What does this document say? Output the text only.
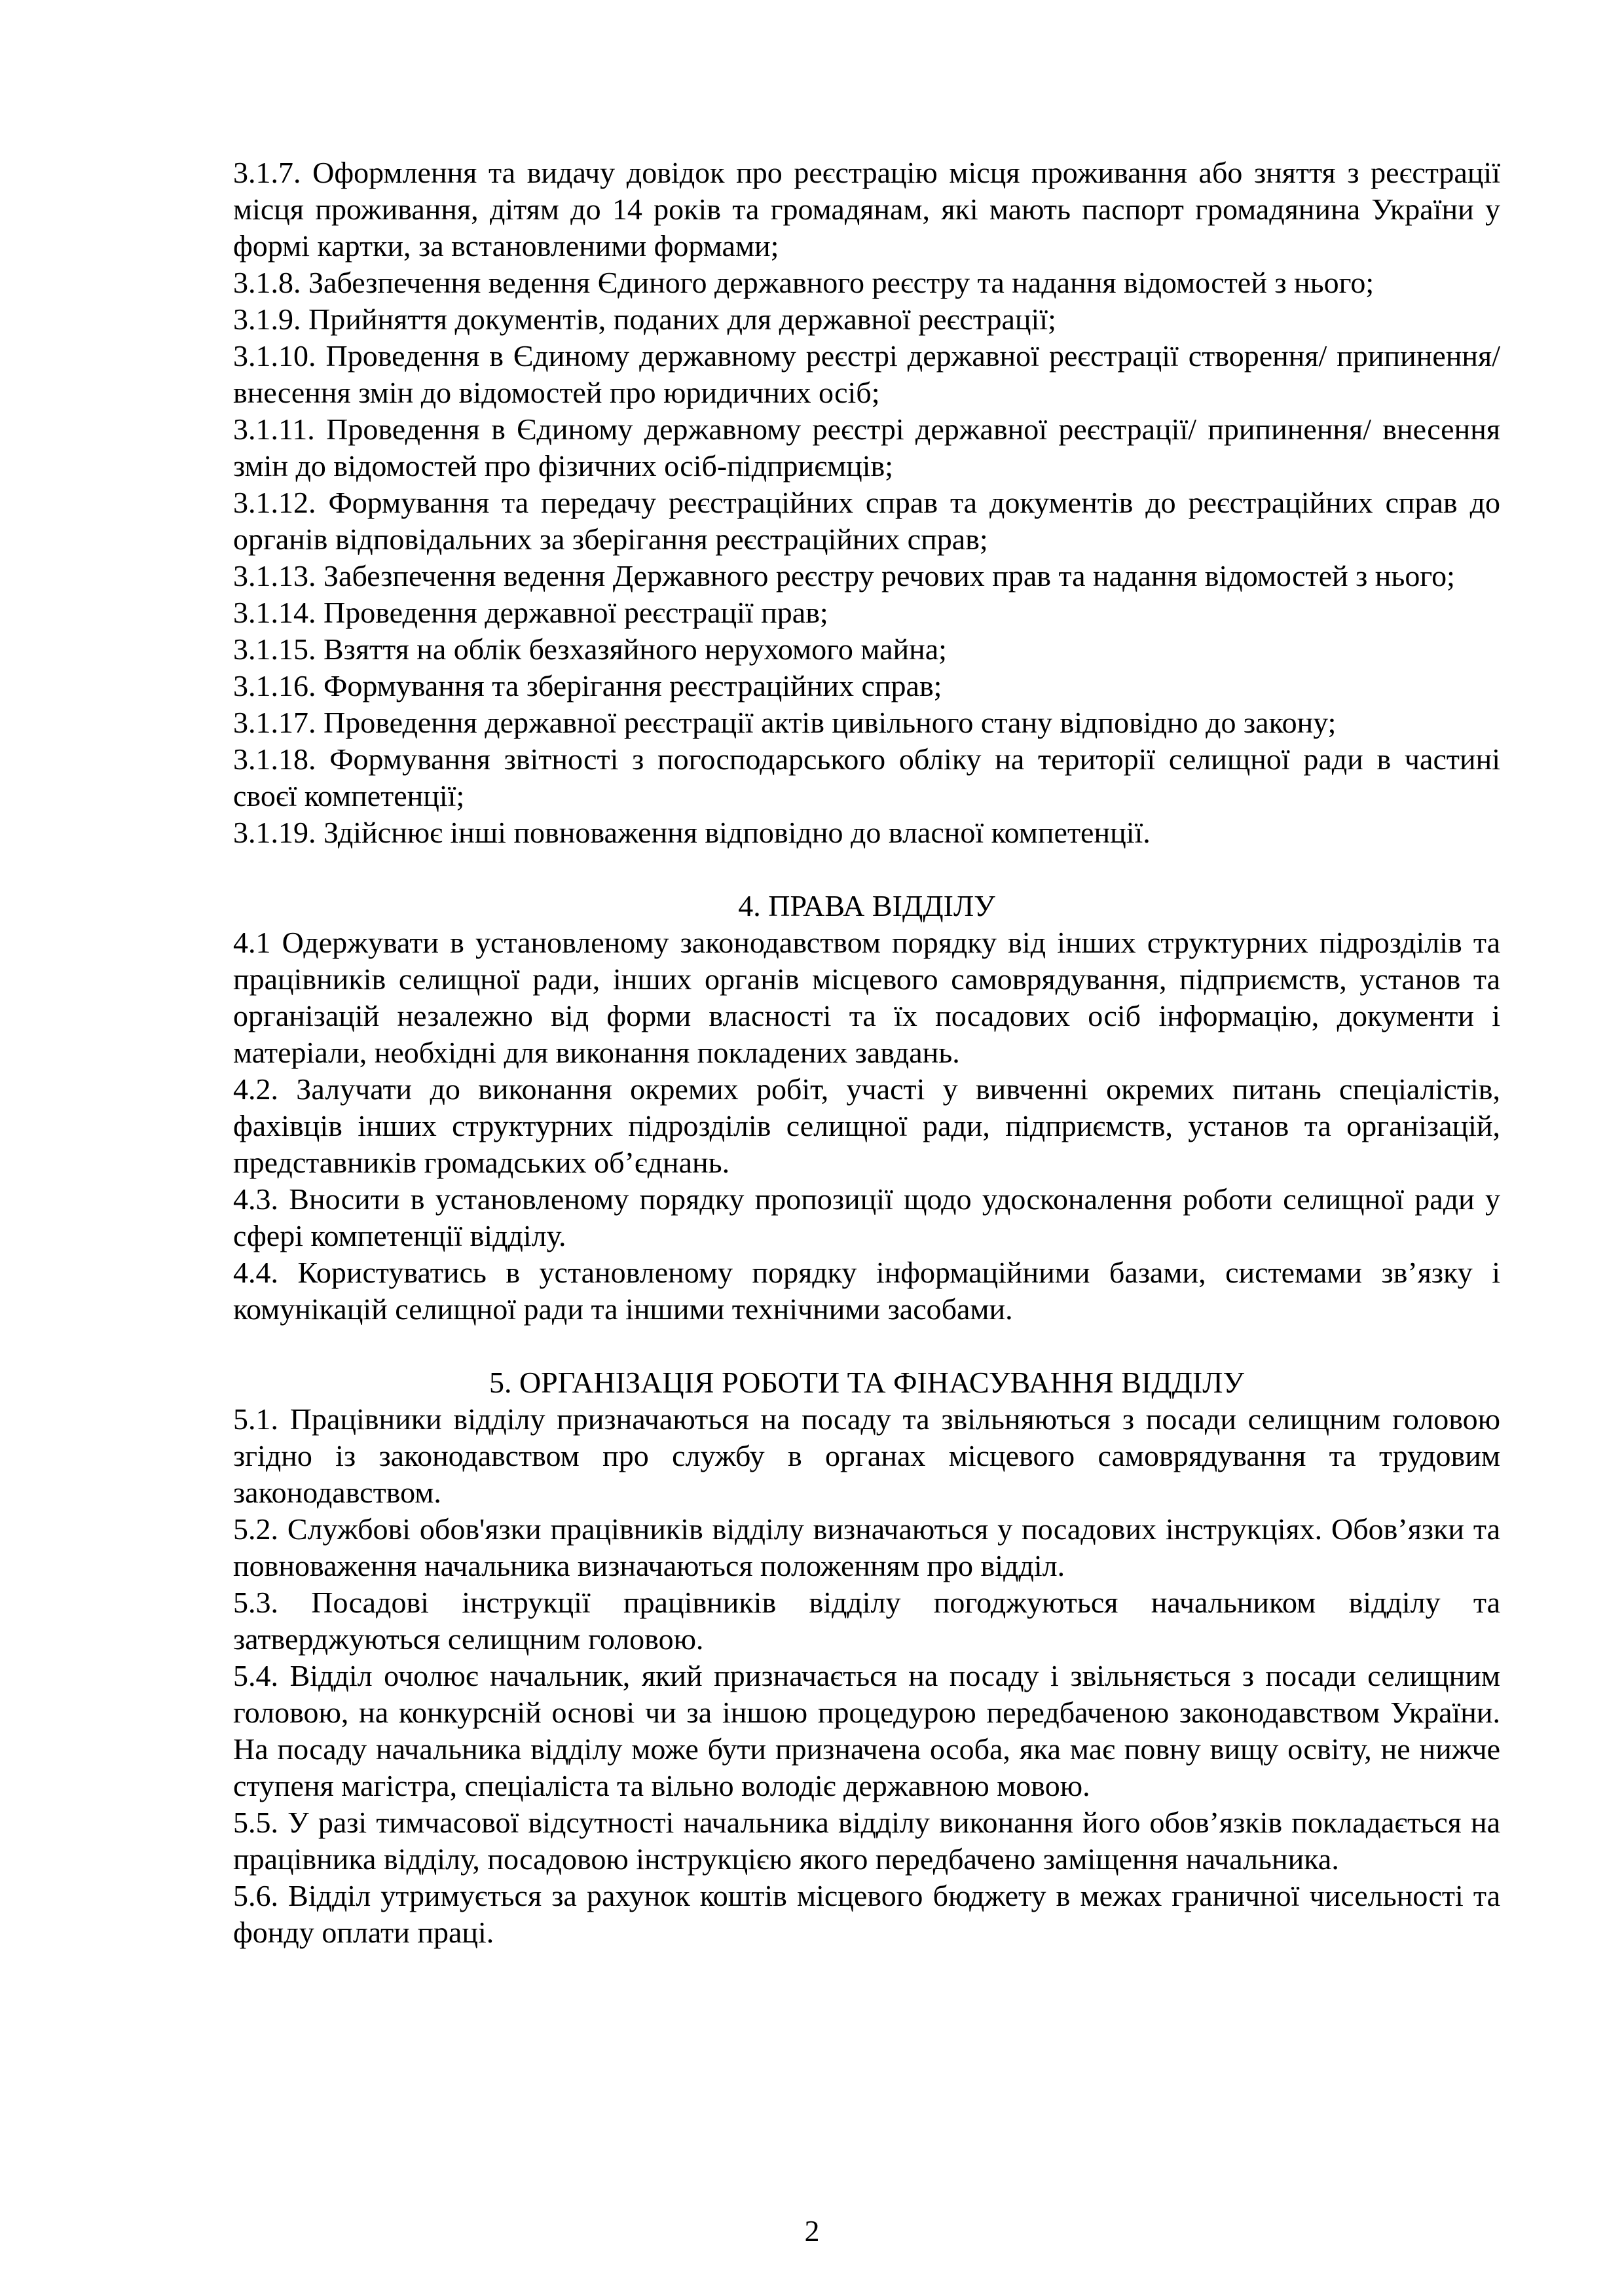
3.1.7. Оформлення та видачу довідок про реєстрацію місця проживання або зняття з реєстрації місця проживання, дітям до 14 років та громадянам, які мають паспорт громадянина України у формі картки, за встановленими формами;

3.1.8. Забезпечення ведення Єдиного державного реєстру та надання відомостей з нього;

3.1.9. Прийняття документів, поданих для державної реєстрації;

3.1.10. Проведення в Єдиному державному реєстрі державної реєстрації створення/ припинення/ внесення змін до відомостей про юридичних осіб;

3.1.11. Проведення в Єдиному державному реєстрі державної реєстрації/ припинення/ внесення змін до відомостей про фізичних осіб-підприємців;

3.1.12. Формування та передачу реєстраційних справ та документів до реєстраційних справ до органів відповідальних за зберігання реєстраційних справ;

3.1.13. Забезпечення ведення Державного реєстру речових прав та надання відомостей з нього;

3.1.14. Проведення державної реєстрації прав;

3.1.15. Взяття на облік безхазяйного нерухомого майна;

3.1.16. Формування та зберігання реєстраційних справ;

3.1.17. Проведення державної реєстрації актів цивільного стану відповідно до закону;

3.1.18. Формування звітності з погосподарського обліку на території селищної ради в частині своєї компетенції;

3.1.19. Здійснює інші повноваження відповідно до власної компетенції.

4. ПРАВА ВІДДІЛУ

4.1 Одержувати в установленому законодавством порядку від інших структурних підрозділів та працівників селищної ради, інших органів місцевого самоврядування, підприємств, установ та організацій незалежно від форми власності та їх посадових осіб інформацію, документи і матеріали, необхідні для виконання покладених завдань.

4.2. Залучати до виконання окремих робіт, участі у вивченні окремих питань спеціалістів, фахівців інших структурних підрозділів селищної ради, підприємств, установ та організацій, представників громадських об’єднань.

4.3. Вносити в установленому порядку пропозиції щодо удосконалення роботи селищної ради у сфері компетенції відділу.

4.4. Користуватись в установленому порядку інформаційними базами, системами зв’язку і комунікацій селищної ради та іншими технічними засобами.

5. ОРГАНІЗАЦІЯ РОБОТИ ТА ФІНАСУВАННЯ ВІДДІЛУ

5.1. Працівники відділу призначаються на посаду та звільняються з посади селищним головою згідно із законодавством про службу в органах місцевого самоврядування та трудовим законодавством.

5.2. Службові обов'язки працівників відділу визначаються у посадових інструкціях. Обов’язки та повноваження начальника визначаються положенням про відділ.

5.3. Посадові інструкції працівників відділу погоджуються начальником відділу та затверджуються селищним головою.

5.4. Відділ очолює начальник, який призначається на посаду і звільняється з посади селищним головою, на конкурсній основі чи за іншою процедурою передбаченою законодавством України. На посаду начальника відділу може бути призначена особа, яка має повну вищу освіту, не нижче ступеня магістра, спеціаліста та вільно володіє державною мовою.

5.5. У разі тимчасової відсутності начальника відділу виконання його обов’язків покладається на працівника відділу, посадовою інструкцією якого передбачено заміщення начальника.

5.6. Відділ утримується за рахунок коштів місцевого бюджету в межах граничної чисельності та фонду оплати праці.

2
